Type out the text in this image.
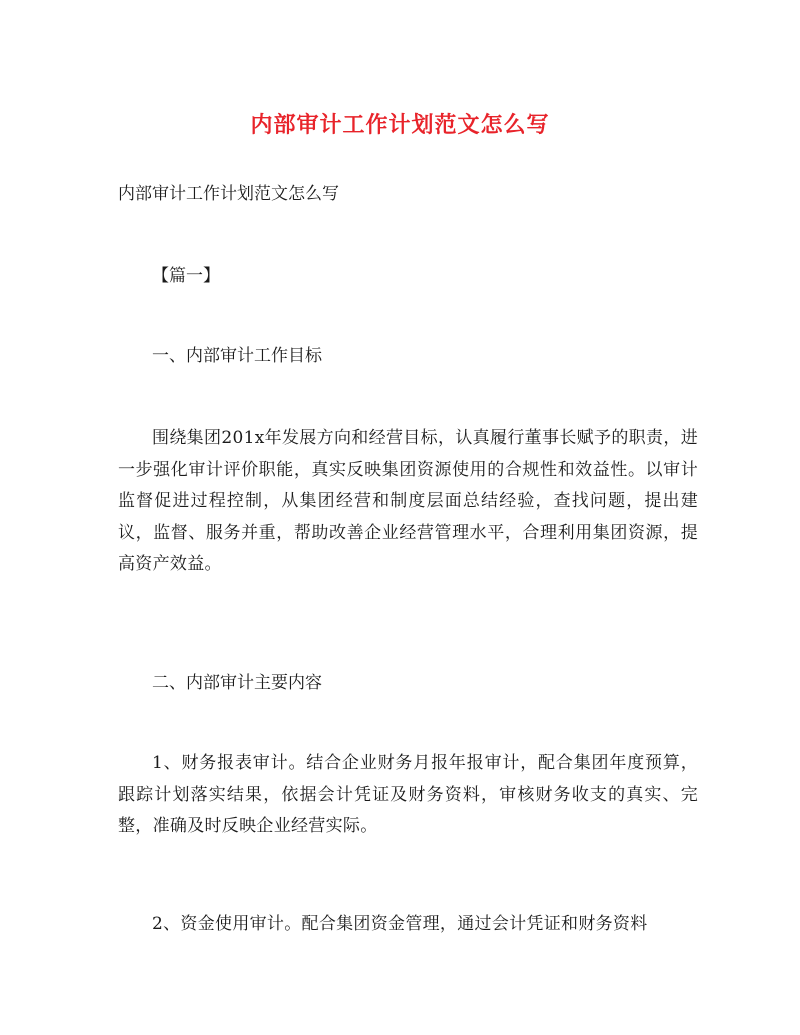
内部审计工作计划范文怎么写

内部审计工作计划范文怎么写

【篇一】

一、内部审计工作目标

围绕集团201x年发展方向和经营目标，认真履行董事长赋予的职责，进一步强化审计评价职能，真实反映集团资源使用的合规性和效益性。以审计监督促进过程控制，从集团经营和制度层面总结经验，查找问题，提出建议，监督、服务并重，帮助改善企业经营管理水平，合理利用集团资源，提高资产效益。

二、内部审计主要内容

1、财务报表审计。结合企业财务月报年报审计，配合集团年度预算，跟踪计划落实结果，依据会计凭证及财务资料，审核财务收支的真实、完整，准确及时反映企业经营实际。

2、资金使用审计。配合集团资金管理，通过会计凭证和财务资料
